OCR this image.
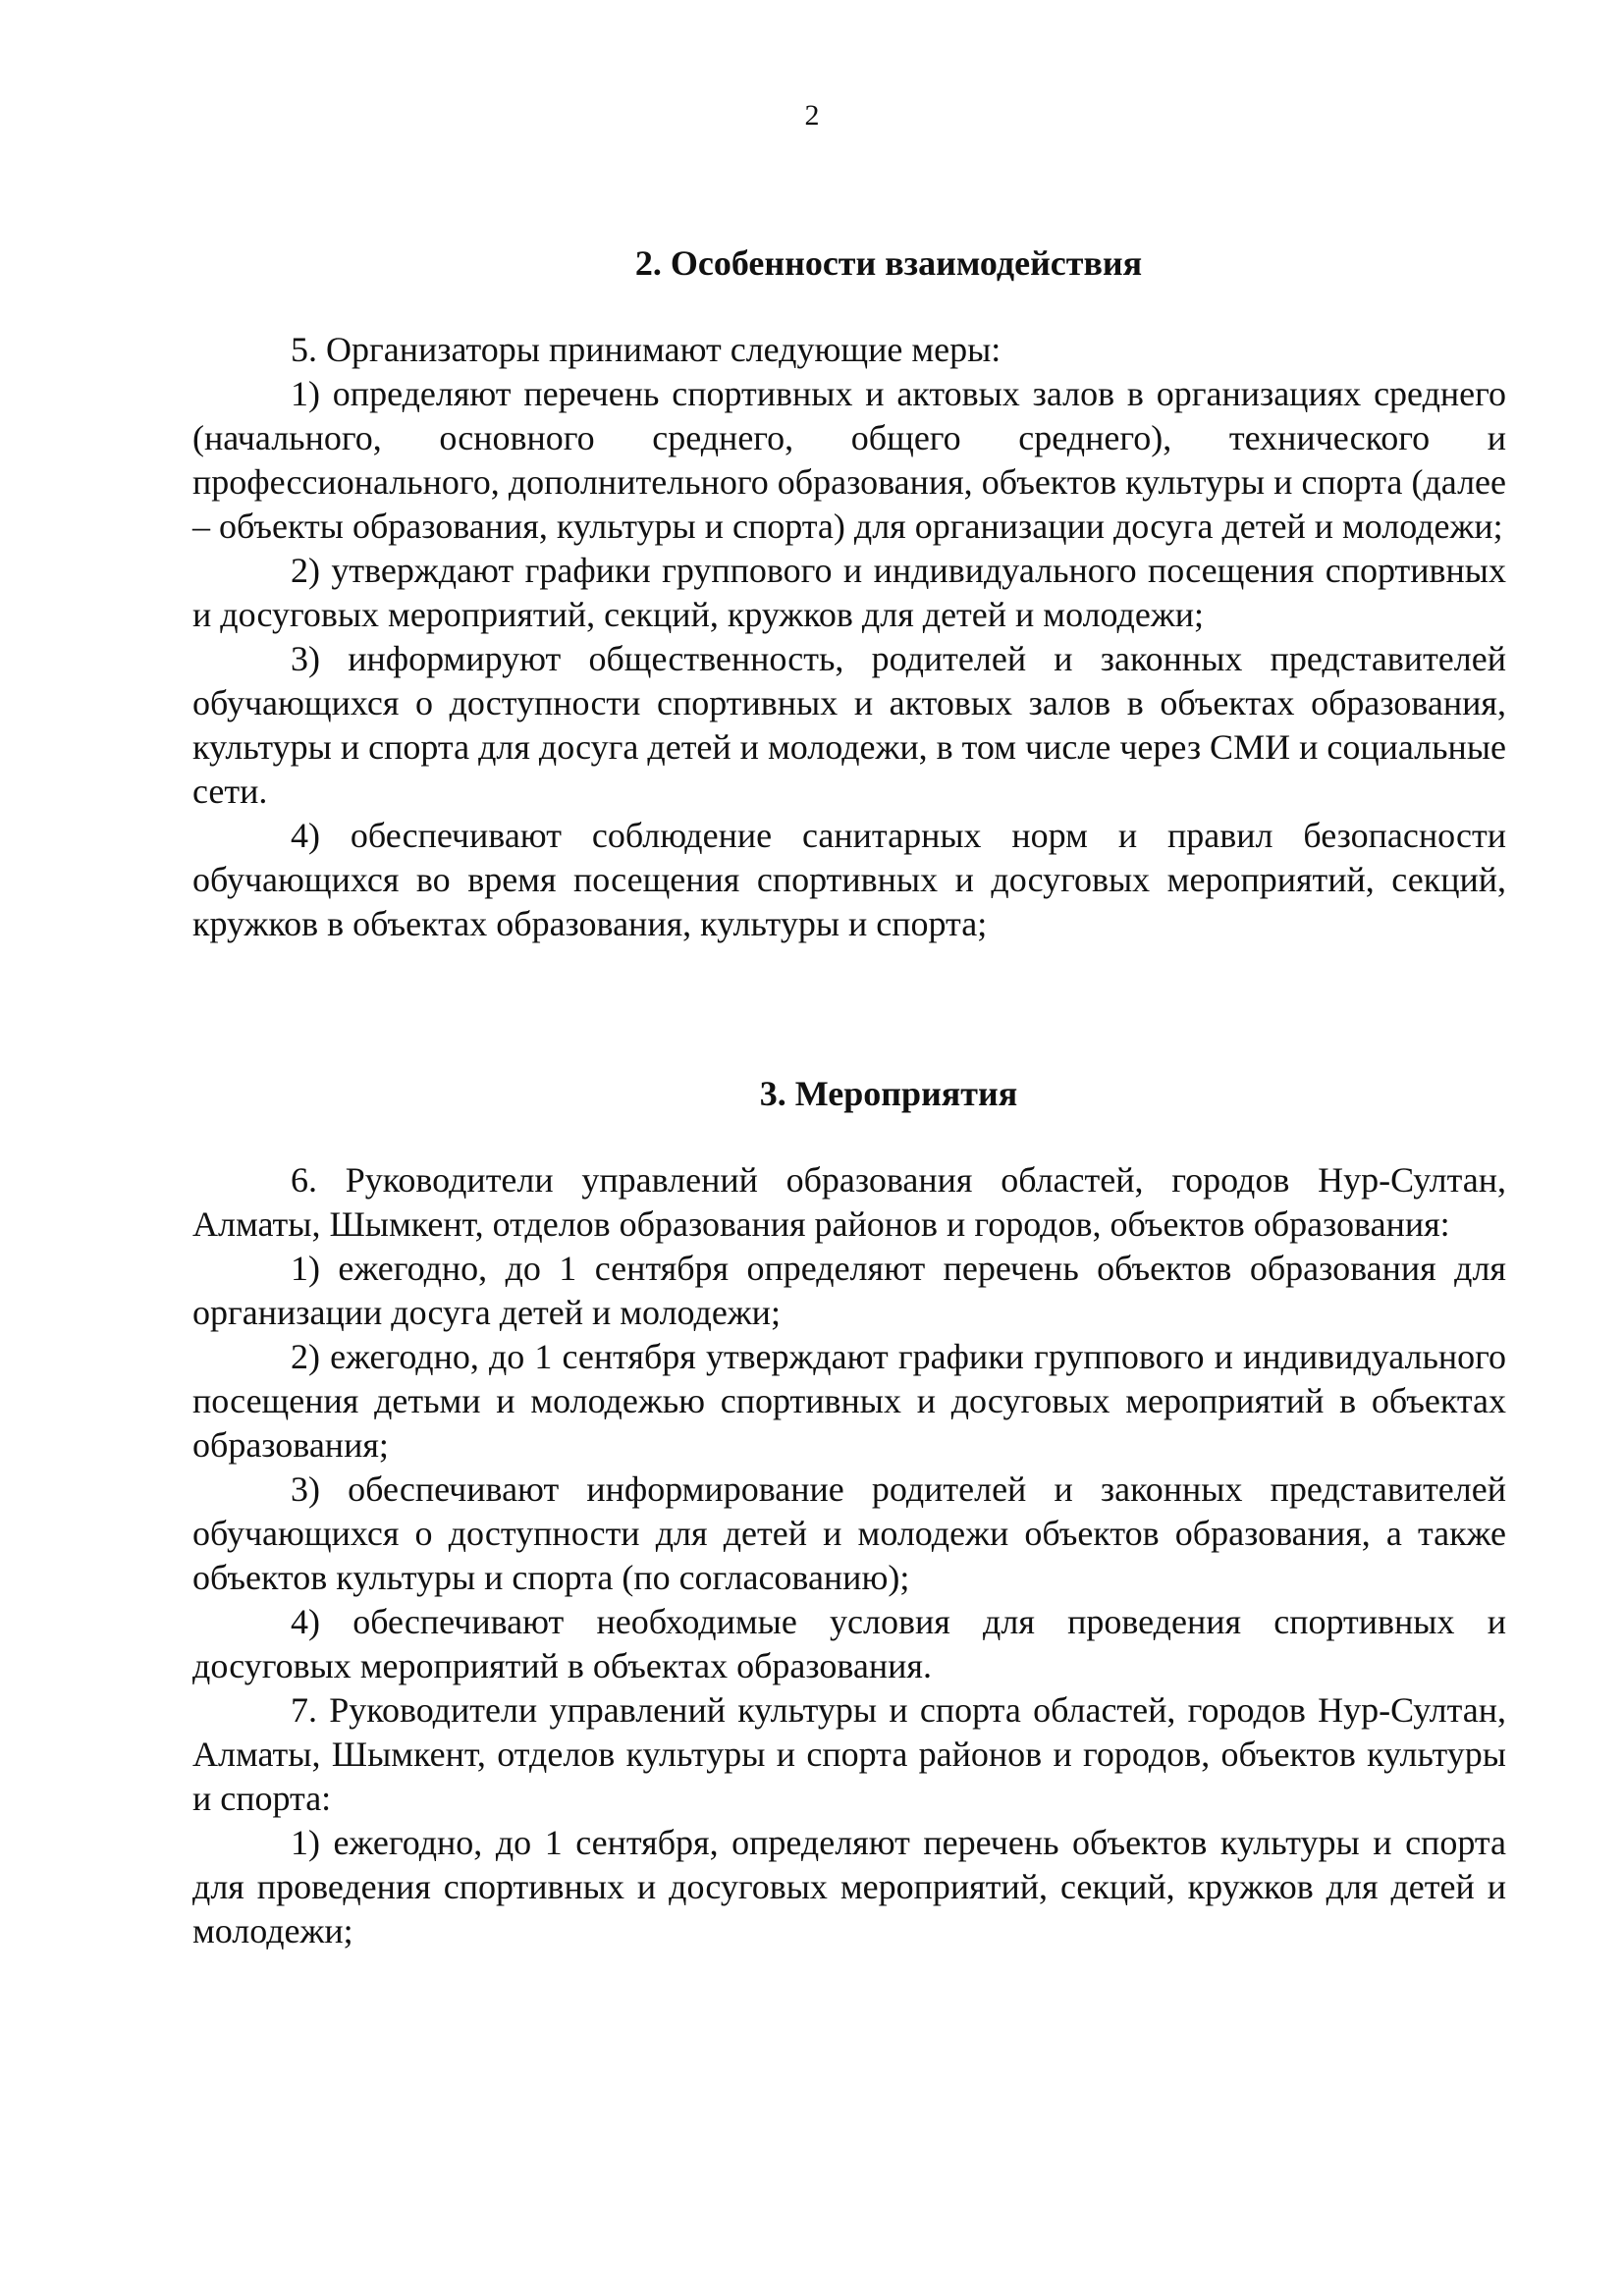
2
2. Особенности взаимодействия

5. Организаторы принимают следующие меры:

1) определяют перечень спортивных и актовых залов в организациях среднего (начального, основного среднего, общего среднего), технического и профессионального, дополнительного образования, объектов культуры и спорта (далее – объекты образования, культуры и спорта) для организации досуга детей и молодежи;

2) утверждают графики группового и индивидуального посещения спортивных и досуговых мероприятий, секций, кружков для детей и молодежи;

3) информируют общественность, родителей и законных представителей обучающихся о доступности спортивных и актовых залов в объектах образования, культуры и спорта для досуга детей и молодежи, в том числе через СМИ и социальные сети.

4) обеспечивают соблюдение санитарных норм и правил безопасности обучающихся во время посещения спортивных и досуговых мероприятий, секций, кружков в объектах образования, культуры и спорта;

3. Мероприятия

6. Руководители управлений образования областей, городов Нур-Султан, Алматы, Шымкент, отделов образования районов и городов, объектов образования:

1) ежегодно, до 1 сентября определяют перечень объектов образования для организации досуга детей и молодежи;

2) ежегодно, до 1 сентября утверждают графики группового и индивидуального посещения детьми и молодежью спортивных и досуговых мероприятий в объектах образования;

3) обеспечивают информирование родителей и законных представителей обучающихся о доступности для детей и молодежи объектов образования, а также объектов культуры и спорта (по согласованию);

4) обеспечивают необходимые условия для проведения спортивных и досуговых мероприятий в объектах образования.

7. Руководители управлений культуры и спорта областей, городов Нур-Султан, Алматы, Шымкент, отделов культуры и спорта районов и городов, объектов культуры и спорта:

1) ежегодно, до 1 сентября, определяют перечень объектов культуры и спорта для проведения спортивных и досуговых мероприятий, секций, кружков для детей и молодежи;
